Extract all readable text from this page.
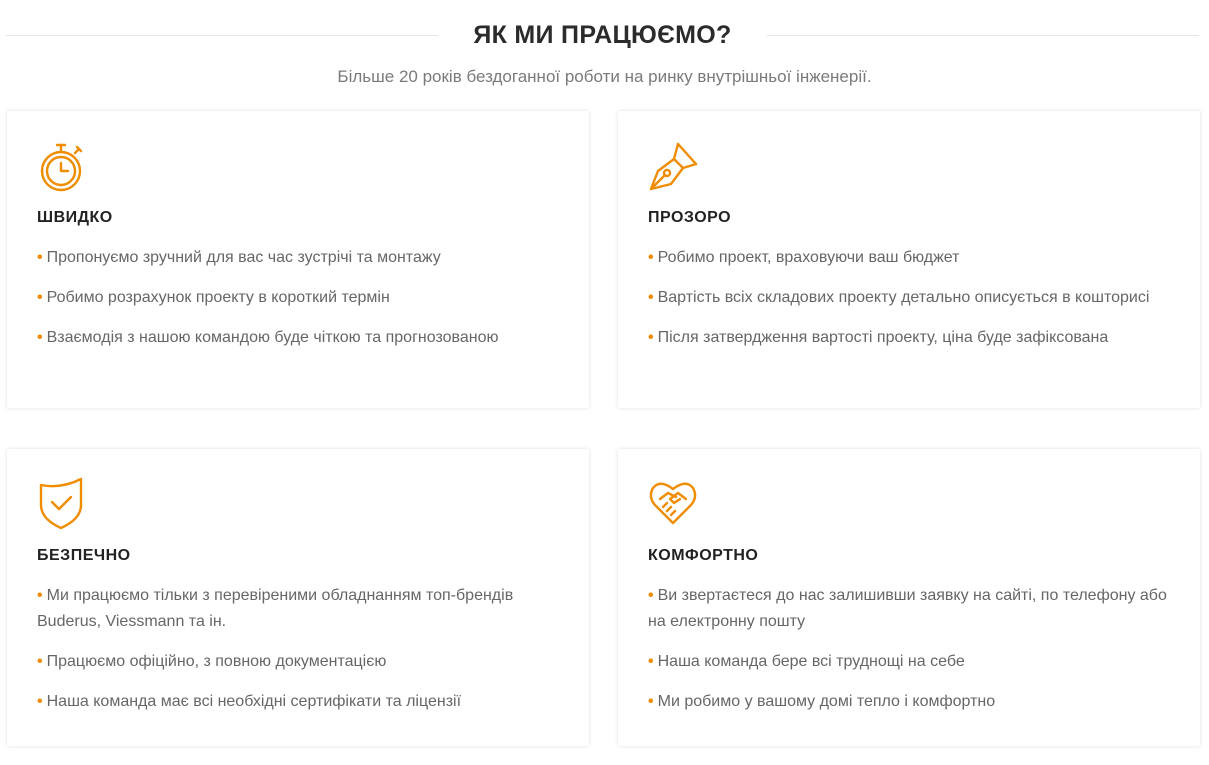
ЯК МИ ПРАЦЮЄМО?

Більше 20 років бездоганної роботи на ринку внутрішньої інженерії.

ШВИДКО
• Пропонуємо зручний для вас час зустрічі та монтажу
• Робимо розрахунок проекту в короткий термін
• Взаємодія з нашою командою буде чіткою та прогнозованою
ПРОЗОРО
• Робимо проект, враховуючи ваш бюджет
• Вартість всіх складових проекту детально описується в кошторисі
• Після затвердження вартості проекту, ціна буде зафіксована
БЕЗПЕЧНО
• Ми працюємо тільки з перевіреними обладнанням топ-брендів Buderus, Viessmann та ін.
• Працюємо офіційно, з повною документацією
• Наша команда має всі необхідні сертифікати та ліцензії
КОМФОРТНО
• Ви звертаєтеся до нас залишивши заявку на сайті, по телефону або на електронну пошту
• Наша команда бере всі труднощі на себе
• Ми робимо у вашому домі тепло і комфортно
